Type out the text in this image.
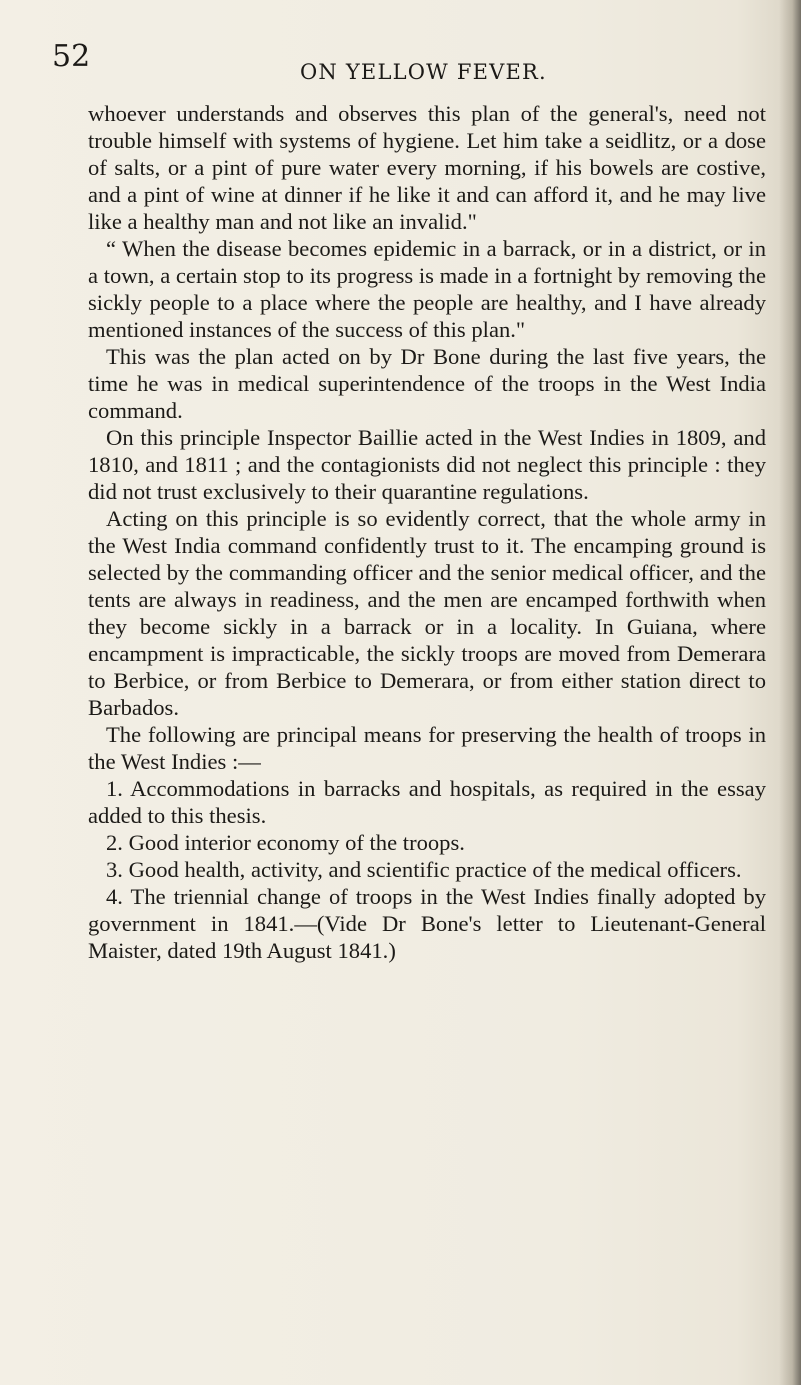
52	ON YELLOW FEVER.

whoever understands and observes this plan of the general's, need not trouble himself with systems of hygiene. Let him take a seidlitz, or a dose of salts, or a pint of pure water every morning, if his bowels are costive, and a pint of wine at dinner if he like it and can afford it, and he may live like a healthy man and not like an invalid."

“ When the disease becomes epidemic in a barrack, or in a district, or in a town, a certain stop to its progress is made in a fortnight by removing the sickly people to a place where the people are healthy, and I have already mentioned instances of the success of this plan."

This was the plan acted on by Dr Bone during the last five years, the time he was in medical superintendence of the troops in the West India command.

On this principle Inspector Baillie acted in the West Indies in 1809, and 1810, and 1811 ; and the contagionists did not neglect this principle : they did not trust exclusively to their quarantine regulations.

Acting on this principle is so evidently correct, that the whole army in the West India command confidently trust to it. The encamping ground is selected by the commanding officer and the senior medical officer, and the tents are always in readiness, and the men are encamped forthwith when they become sickly in a barrack or in a locality. In Guiana, where encampment is impracticable, the sickly troops are moved from Demerara to Berbice, or from Berbice to Demerara, or from either station direct to Barbados.

The following are principal means for preserving the health of troops in the West Indies :—

1. Accommodations in barracks and hospitals, as required in the essay added to this thesis.

2. Good interior economy of the troops.

3. Good health, activity, and scientific practice of the medical officers.

4. The triennial change of troops in the West Indies finally adopted by government in 1841.—(Vide Dr Bone's letter to Lieutenant-General Maister, dated 19th August 1841.)
